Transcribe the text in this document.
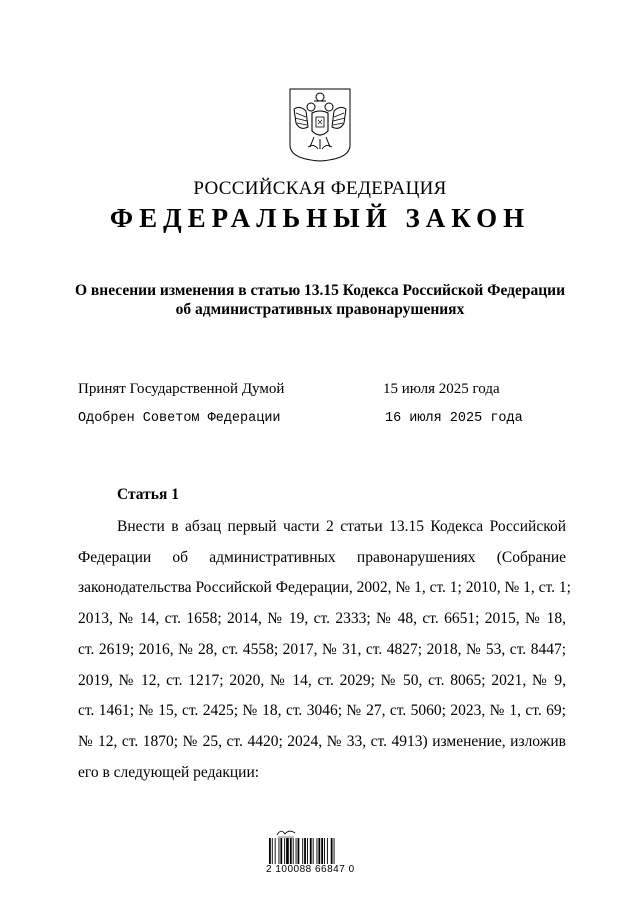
РОССИЙСКАЯ ФЕДЕРАЦИЯ
ФЕДЕРАЛЬНЫЙ ЗАКОН
О внесении изменения в статью 13.15 Кодекса Российской Федерации
об административных правонарушениях
Принят Государственной Думой	15 июля 2025 года
Одобрен Советом Федерации	16 июля 2025 года
Статья 1
Внести в абзац первый части 2 статьи 13.15 Кодекса Российской
Федерации об административных правонарушениях (Собрание
законодательства Российской Федерации, 2002, № 1, ст. 1; 2010, № 1, ст. 1;
2013, № 14, ст. 1658; 2014, № 19, ст. 2333; № 48, ст. 6651; 2015, № 18,
ст. 2619; 2016, № 28, ст. 4558; 2017, № 31, ст. 4827; 2018, № 53, ст. 8447;
2019, № 12, ст. 1217; 2020, № 14, ст. 2029; № 50, ст. 8065; 2021, № 9,
ст. 1461; № 15, ст. 2425; № 18, ст. 3046; № 27, ст. 5060; 2023, № 1, ст. 69;
№ 12, ст. 1870; № 25, ст. 4420; 2024, № 33, ст. 4913) изменение, изложив
его в следующей редакции:
2 100088 66847 0
